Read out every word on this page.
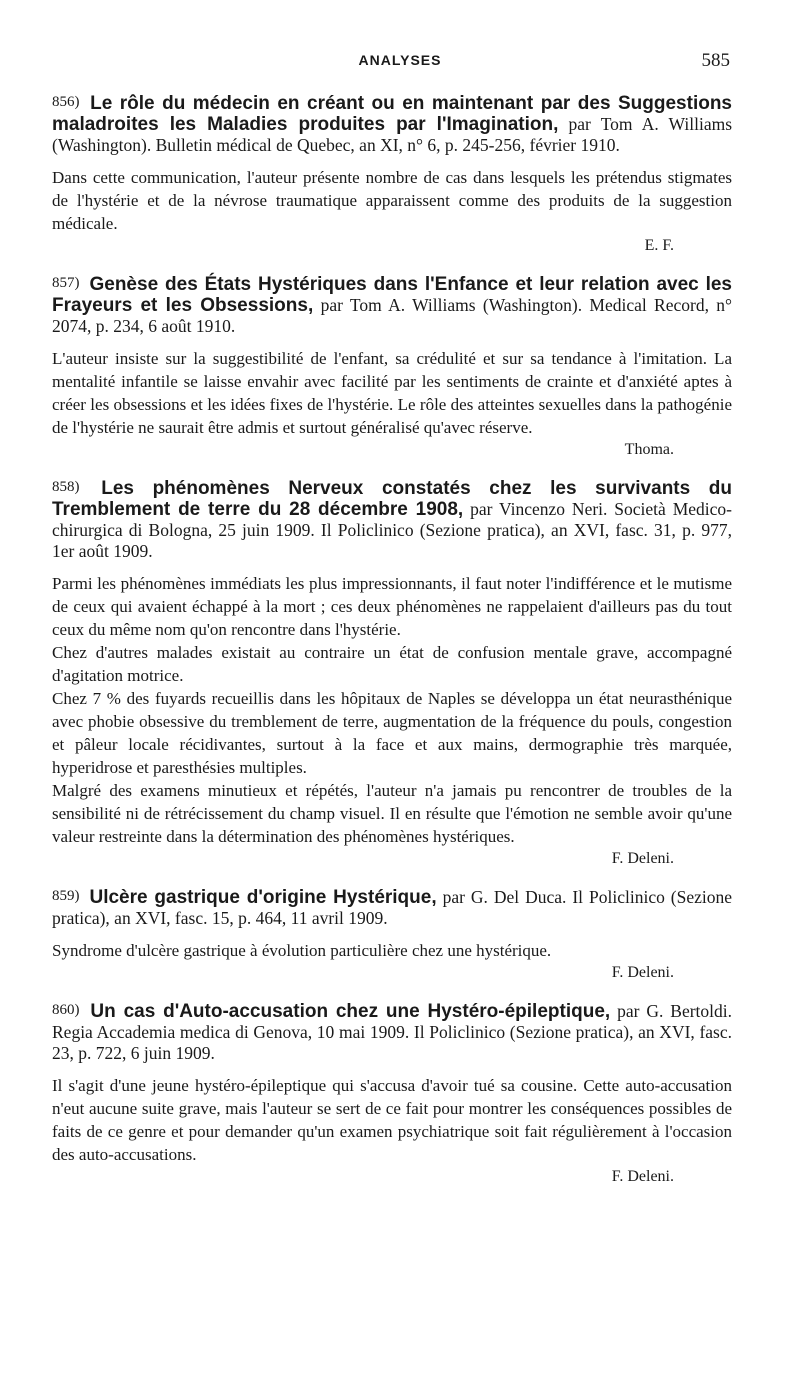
ANALYSES	585

856) Le rôle du médecin en créant ou en maintenant par des Suggestions maladroites les Maladies produites par l'Imagination, par Tom A. Williams (Washington). Bulletin médical de Quebec, an XI, n° 6, p. 245-256, février 1910.

Dans cette communication, l'auteur présente nombre de cas dans lesquels les prétendus stigmates de l'hystérie et de la névrose traumatique apparaissent comme des produits de la suggestion médicale.

E. F.

857) Genèse des États Hystériques dans l'Enfance et leur relation avec les Frayeurs et les Obsessions, par Tom A. Williams (Washington). Medical Record, n° 2074, p. 234, 6 août 1910.

L'auteur insiste sur la suggestibilité de l'enfant, sa crédulité et sur sa tendance à l'imitation. La mentalité infantile se laisse envahir avec facilité par les sentiments de crainte et d'anxiété aptes à créer les obsessions et les idées fixes de l'hystérie. Le rôle des atteintes sexuelles dans la pathogénie de l'hystérie ne saurait être admis et surtout généralisé qu'avec réserve.

Thoma.

858) Les phénomènes Nerveux constatés chez les survivants du Tremblement de terre du 28 décembre 1908, par Vincenzo Neri. Società Medico-chirurgica di Bologna, 25 juin 1909. Il Policlinico (Sezione pratica), an XVI, fasc. 31, p. 977, 1er août 1909.

Parmi les phénomènes immédiats les plus impressionnants, il faut noter l'indifférence et le mutisme de ceux qui avaient échappé à la mort ; ces deux phénomènes ne rappelaient d'ailleurs pas du tout ceux du même nom qu'on rencontre dans l'hystérie.

Chez d'autres malades existait au contraire un état de confusion mentale grave, accompagné d'agitation motrice.

Chez 7 % des fuyards recueillis dans les hôpitaux de Naples se développa un état neurasthénique avec phobie obsessive du tremblement de terre, augmentation de la fréquence du pouls, congestion et pâleur locale récidivantes, surtout à la face et aux mains, dermographie très marquée, hyperidrose et paresthésies multiples.

Malgré des examens minutieux et répétés, l'auteur n'a jamais pu rencontrer de troubles de la sensibilité ni de rétrécissement du champ visuel. Il en résulte que l'émotion ne semble avoir qu'une valeur restreinte dans la détermination des phénomènes hystériques.

F. Deleni.

859) Ulcère gastrique d'origine Hystérique, par G. Del Duca. Il Policlinico (Sezione pratica), an XVI, fasc. 15, p. 464, 11 avril 1909.

Syndrome d'ulcère gastrique à évolution particulière chez une hystérique.

F. Deleni.

860) Un cas d'Auto-accusation chez une Hystéro-épileptique, par G. Bertoldi. Regia Accademia medica di Genova, 10 mai 1909. Il Policlinico (Sezione pratica), an XVI, fasc. 23, p. 722, 6 juin 1909.

Il s'agit d'une jeune hystéro-épileptique qui s'accusa d'avoir tué sa cousine. Cette auto-accusation n'eut aucune suite grave, mais l'auteur se sert de ce fait pour montrer les conséquences possibles de faits de ce genre et pour demander qu'un examen psychiatrique soit fait régulièrement à l'occasion des auto-accusations.

F. Deleni.
